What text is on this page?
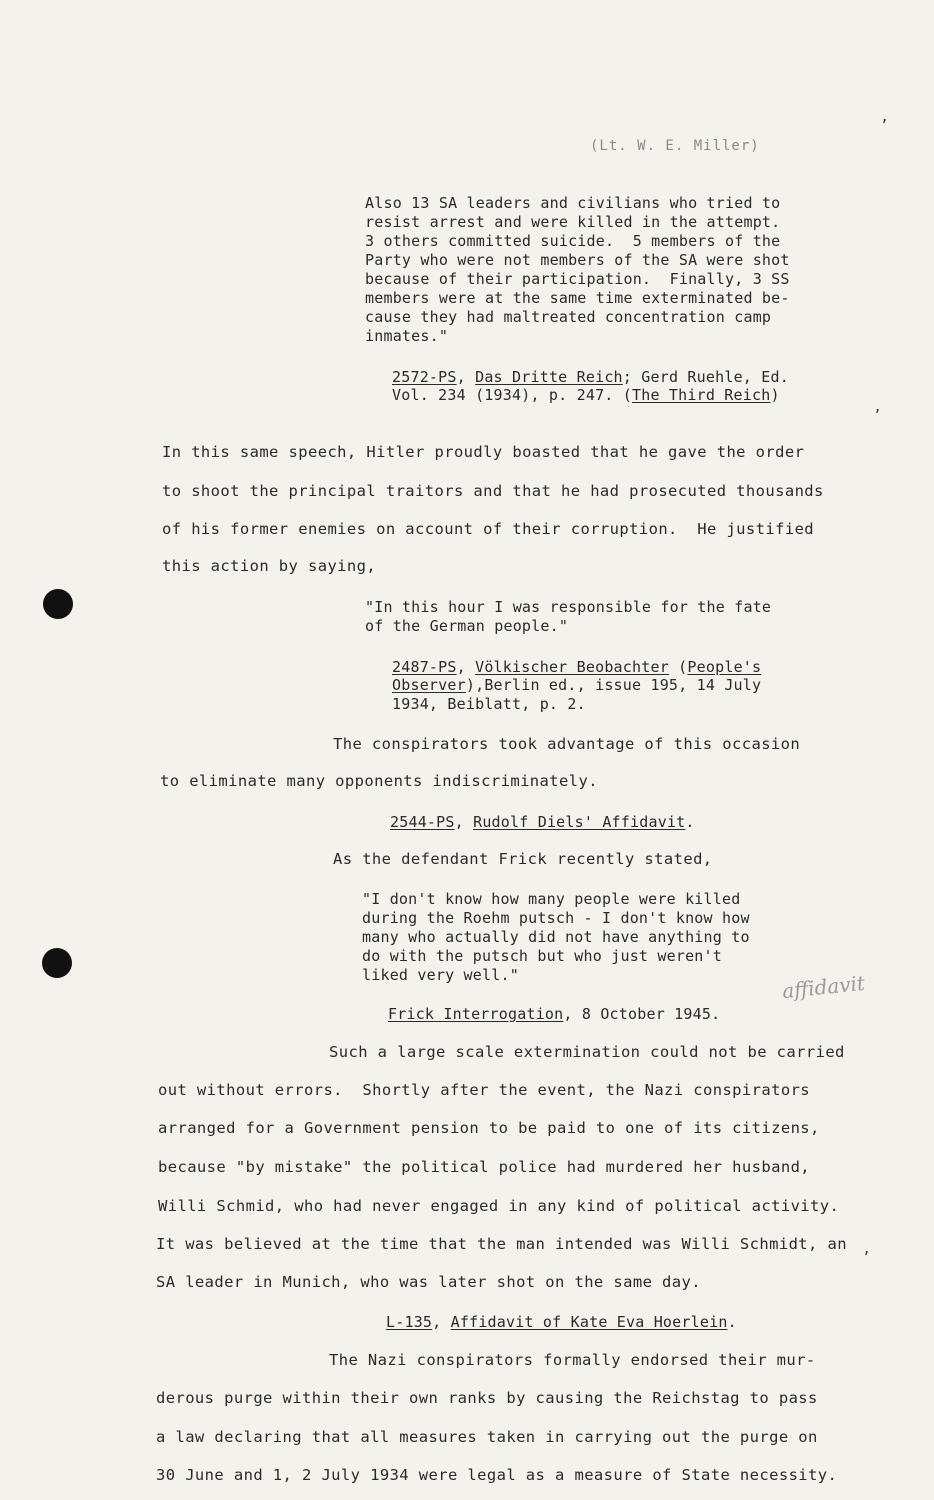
(Lt. W. E. Miller)
’
’
Also 13 SA leaders and civilians who tried to
resist arrest and were killed in the attempt.
3 others committed suicide.  5 members of the
Party who were not members of the SA were shot
because of their participation.  Finally, 3 SS
members were at the same time exterminated be-
cause they had maltreated concentration camp
inmates."
2572-PS, Das Dritte Reich; Gerd Ruehle, Ed.
Vol. 234 (1934), p. 247. (The Third Reich)
In this same speech, Hitler proudly boasted that he gave the order
to shoot the principal traitors and that he had prosecuted thousands
of his former enemies on account of their corruption.  He justified
this action by saying,
"In this hour I was responsible for the fate
of the German people."
2487-PS, Völkischer Beobachter (People's
Observer),Berlin ed., issue 195, 14 July
1934, Beiblatt, p. 2.
The conspirators took advantage of this occasion
to eliminate many opponents indiscriminately.
2544-PS, Rudolf Diels' Affidavit.
As the defendant Frick recently stated,
"I don't know how many people were killed
during the Roehm putsch - I don't know how
many who actually did not have anything to
do with the putsch but who just weren't
liked very well."	affidavit
Frick Interrogation, 8 October 1945.
Such a large scale extermination could not be carried
out without errors.  Shortly after the event, the Nazi conspirators
arranged for a Government pension to be paid to one of its citizens,
because "by mistake" the political police had murdered her husband,
Willi Schmid, who had never engaged in any kind of political activity.
It was believed at the time that the man intended was Willi Schmidt, an
SA leader in Munich, who was later shot on the same day.
’
L-135, Affidavit of Kate Eva Hoerlein.
The Nazi conspirators formally endorsed their mur-
derous purge within their own ranks by causing the Reichstag to pass
a law declaring that all measures taken in carrying out the purge on
30 June and 1, 2 July 1934 were legal as a measure of State necessity.
